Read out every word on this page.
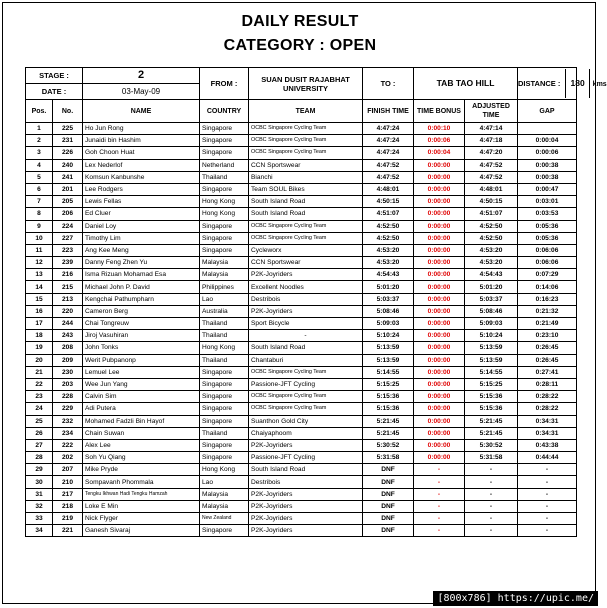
DAILY RESULT
CATEGORY : OPEN
STAGE :		2	FROM :	SUAN DUSIT RAJABHAT UNIVERSITY	TO :	TAB TAO HILL		DISTANCE : 180 kms
DATE :		03-May-09						
Pos.	No.	NAME	COUNTRY	TEAM	FINISH TIME	TIME BONUS	ADJUSTED TIME	GAP
1	225	Ho Jun Rong	Singapore	OCBC Singapore Cycling Team	4:47:24	0:00:10	4:47:14	
2	231	Junaidi bin Hashim	Singapore	OCBC Singapore Cycling Team	4:47:24	0:00:06	4:47:18	0:00:04
3	226	Goh Choon Huat	Singapore	OCBC Singapore Cycling Team	4:47:24	0:00:04	4:47:20	0:00:06
4	240	Lex Nederlof	Netherland	CCN Sportswear	4:47:52	0:00:00	4:47:52	0:00:38
5	241	Komsun Kanbunshe	Thailand	Bianchi	4:47:52	0:00:00	4:47:52	0:00:38
6	201	Lee Rodgers	Singapore	Team SOUL Bikes	4:48:01	0:00:00	4:48:01	0:00:47
7	205	Lewis Fellas	Hong Kong	South Island Road	4:50:15	0:00:00	4:50:15	0:03:01
8	206	Ed Cluer	Hong Kong	South Island Road	4:51:07	0:00:00	4:51:07	0:03:53
9	224	Daniel Loy	Singapore	OCBC Singapore Cycling Team	4:52:50	0:00:00	4:52:50	0:05:36
10	227	Timothy Lim	Singapore	OCBC Singapore Cycling Team	4:52:50	0:00:00	4:52:50	0:05:36
11	223	Ang Kee Meng	Singapore	Cycleworx	4:53:20	0:00:00	4:53:20	0:06:06
12	239	Danny Feng Zhen Yu	Malaysia	CCN Sportswear	4:53:20	0:00:00	4:53:20	0:06:06
13	216	Isma Rizuan Mohamad Esa	Malaysia	P2K-Joyriders	4:54:43	0:00:00	4:54:43	0:07:29
14	215	Michael John P. David	Philippines	Excellent Noodles	5:01:20	0:00:00	5:01:20	0:14:06
15	213	Kengchai Pathumpharn	Lao	Destribois	5:03:37	0:00:00	5:03:37	0:16:23
16	220	Cameron Berg	Australia	P2K-Joyriders	5:08:46	0:00:00	5:08:46	0:21:32
17	244	Chai Tongreuw	Thailand	Sport Bicycle	5:09:03	0:00:00	5:09:03	0:21:49
18	243	Jiroj Vasuhiran	Thailand	-	5:10:24	0:00:00	5:10:24	0:23:10
19	208	John Tonks	Hong Kong	South Island Road	5:13:59	0:00:00	5:13:59	0:26:45
20	209	Werit Pubpanonp	Thailand	Chantaburi	5:13:59	0:00:00	5:13:59	0:26:45
21	230	Lemuel Lee	Singapore	OCBC Singapore Cycling Team	5:14:55	0:00:00	5:14:55	0:27:41
22	203	Wee Jun Yang	Singapore	Passione-JFT Cycling	5:15:25	0:00:00	5:15:25	0:28:11
23	228	Calvin Sim	Singapore	OCBC Singapore Cycling Team	5:15:36	0:00:00	5:15:36	0:28:22
24	229	Adi Putera	Singapore	OCBC Singapore Cycling Team	5:15:36	0:00:00	5:15:36	0:28:22
25	232	Mohamed Fadzli Bin Hayof	Singapore	Suanthon Gold City	5:21:45	0:00:00	5:21:45	0:34:31
26	234	Chain Suwan	Thailand	Chaiyaphoom	5:21:45	0:00:00	5:21:45	0:34:31
27	222	Alex Lee	Singapore	P2K-Joyriders	5:30:52	0:00:00	5:30:52	0:43:38
28	202	Soh Yu Qiang	Singapore	Passione-JFT Cycling	5:31:58	0:00:00	5:31:58	0:44:44
29	207	Mike Pryde	Hong Kong	South Island Road	DNF	-	-	-
30	210	Sompavanh Phommala	Lao	Destribois	DNF	-	-	-
31	217	Tengku Ikhwan Hadi Tengku Hamzah	Malaysia	P2K-Joyriders	DNF	-	-	-
32	218	Loke E Min	Malaysia	P2K-Joyriders	DNF	-	-	-
33	219	Nick Flyger	New Zealand	P2K-Joyriders	DNF	-	-	-
34	221	Ganesh Sivaraj	Singapore	P2K-Joyriders	DNF	-	-	-
[800x786] https://upic.me/
